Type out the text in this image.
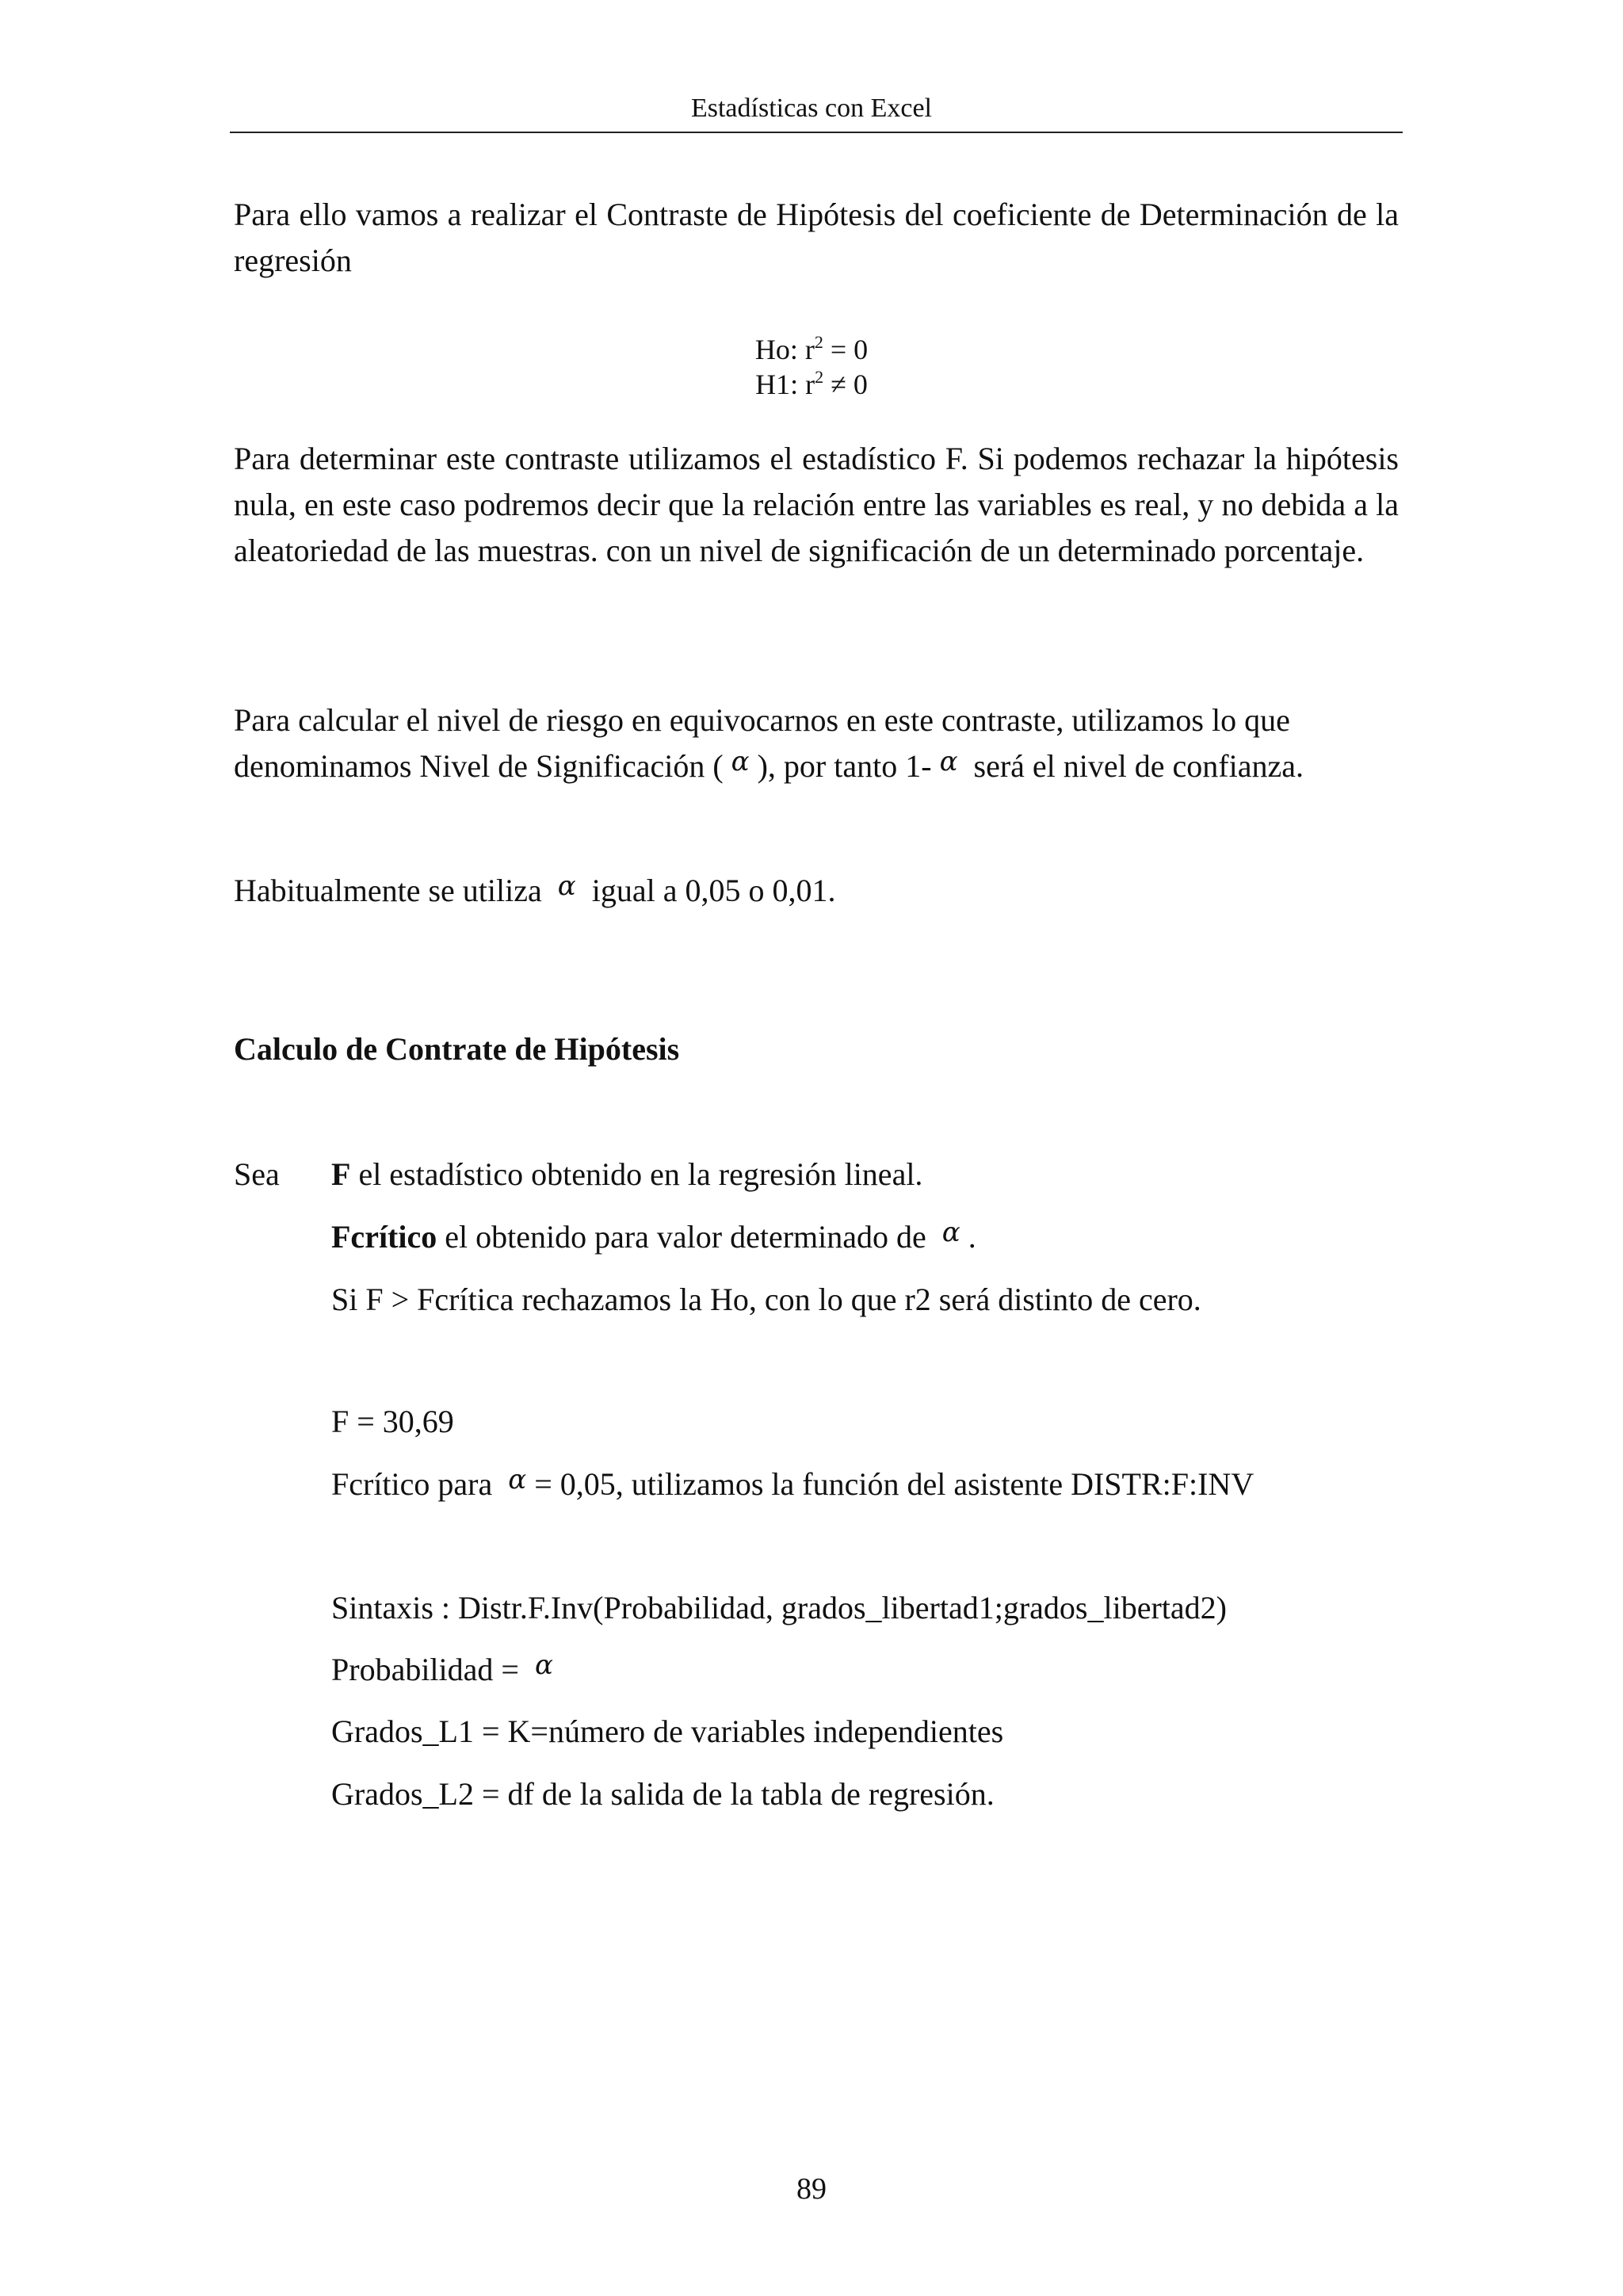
Estadísticas con Excel
Para ello vamos a realizar el Contraste de Hipótesis del coeficiente de Determinación de la regresión
Ho: $r^2 = 0$
H1: $r^2 \ne 0$
Para determinar este contraste utilizamos el estadístico F. Si podemos rechazar la hipótesis nula, en este caso podremos decir que la relación entre las variables es real, y no debida a la aleatoriedad de las muestras. con un nivel de significación de un determinado porcentaje.
Para calcular el nivel de riesgo en equivocarnos en este contraste, utilizamos lo que
denominamos Nivel de Significación ( $^\alpha$ ), por tanto 1- $^\alpha$ será el nivel de confianza.
Habitualmente se utiliza $^\alpha$ igual a 0,05 o 0,01.
Calculo de Contrate de Hipótesis
Sea F el estadístico obtenido en la regresión lineal.
Fcrítico el obtenido para valor determinado de $^\alpha$ .
Si F > Fcrítica rechazamos la Ho, con lo que r2 será distinto de cero.
F = 30,69
Fcrítico para $^\alpha$ = 0,05, utilizamos la función del asistente DISTR:F:INV
Sintaxis : Distr.F.Inv(Probabilidad, grados_libertad1;grados_libertad2)
Probabilidad = $^\alpha$
Grados_L1 = K=número de variables independientes
Grados_L2 = df de la salida de la tabla de regresión.
89
